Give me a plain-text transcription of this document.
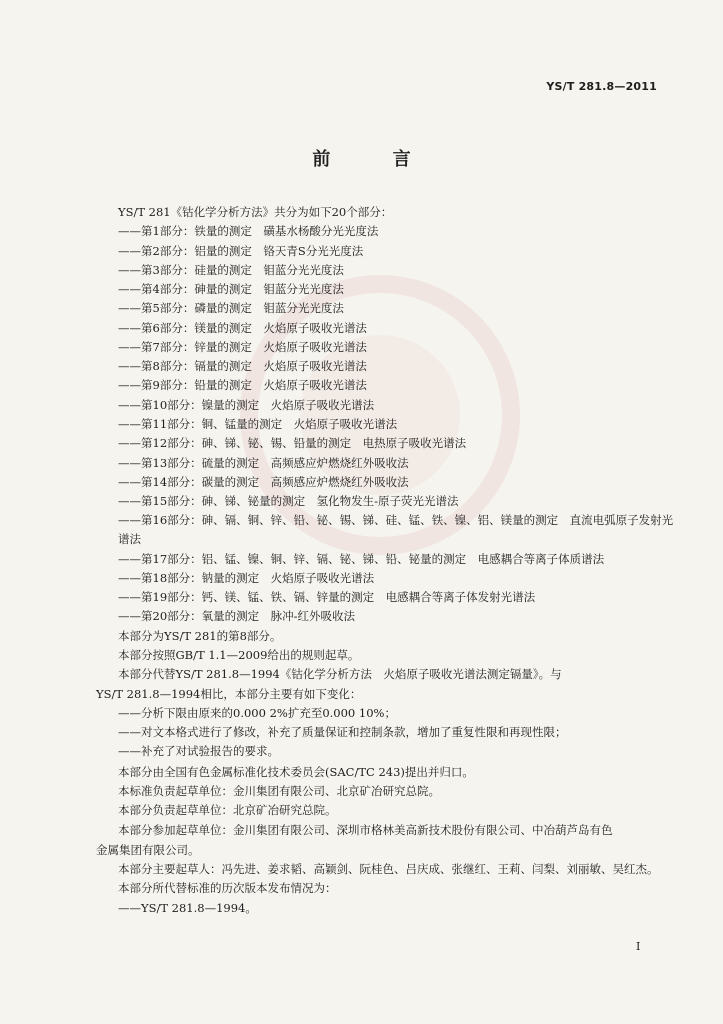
YS/T 281.8—2011
前 言
YS/T 281《钴化学分析方法》共分为如下20个部分：
——第1部分：铁量的测定　磺基水杨酸分光光度法
——第2部分：铝量的测定　铬天青S分光光度法
——第3部分：硅量的测定　钼蓝分光光度法
——第4部分：砷量的测定　钼蓝分光光度法
——第5部分：磷量的测定　钼蓝分光光度法
——第6部分：镁量的测定　火焰原子吸收光谱法
——第7部分：锌量的测定　火焰原子吸收光谱法
——第8部分：镉量的测定　火焰原子吸收光谱法
——第9部分：铅量的测定　火焰原子吸收光谱法
——第10部分：镍量的测定　火焰原子吸收光谱法
——第11部分：铜、锰量的测定　火焰原子吸收光谱法
——第12部分：砷、锑、铋、锡、铅量的测定　电热原子吸收光谱法
——第13部分：硫量的测定　高频感应炉燃烧红外吸收法
——第14部分：碳量的测定　高频感应炉燃烧红外吸收法
——第15部分：砷、锑、铋量的测定　氢化物发生-原子荧光光谱法
——第16部分：砷、镉、铜、锌、铅、铋、锡、锑、硅、锰、铁、镍、铝、镁量的测定　直流电弧原子发射光
谱法
——第17部分：铝、锰、镍、铜、锌、镉、铋、锑、铅、铋量的测定　电感耦合等离子体质谱法
——第18部分：钠量的测定　火焰原子吸收光谱法
——第19部分：钙、镁、锰、铁、镉、锌量的测定　电感耦合等离子体发射光谱法
——第20部分：氧量的测定　脉冲-红外吸收法
本部分为YS/T 281的第8部分。
本部分按照GB/T 1.1—2009给出的规则起草。
本部分代替YS/T 281.8—1994《钴化学分析方法　火焰原子吸收光谱法测定镉量》。与
YS/T 281.8—1994相比，本部分主要有如下变化：
——分析下限由原来的0.000 2%扩充至0.000 10%；
——对文本格式进行了修改，补充了质量保证和控制条款，增加了重复性限和再现性限；
——补充了对试验报告的要求。
本部分由全国有色金属标准化技术委员会(SAC/TC 243)提出并归口。
本标准负责起草单位：金川集团有限公司、北京矿冶研究总院。
本部分负责起草单位：北京矿冶研究总院。
本部分参加起草单位：金川集团有限公司、深圳市格林美高新技术股份有限公司、中冶葫芦岛有色
金属集团有限公司。
本部分主要起草人：冯先进、姜求韬、高颖剑、阮桂色、吕庆成、张继红、王莉、闫梨、刘丽敏、吴红杰。
本部分所代替标准的历次版本发布情况为：
——YS/T 281.8—1994。
I
